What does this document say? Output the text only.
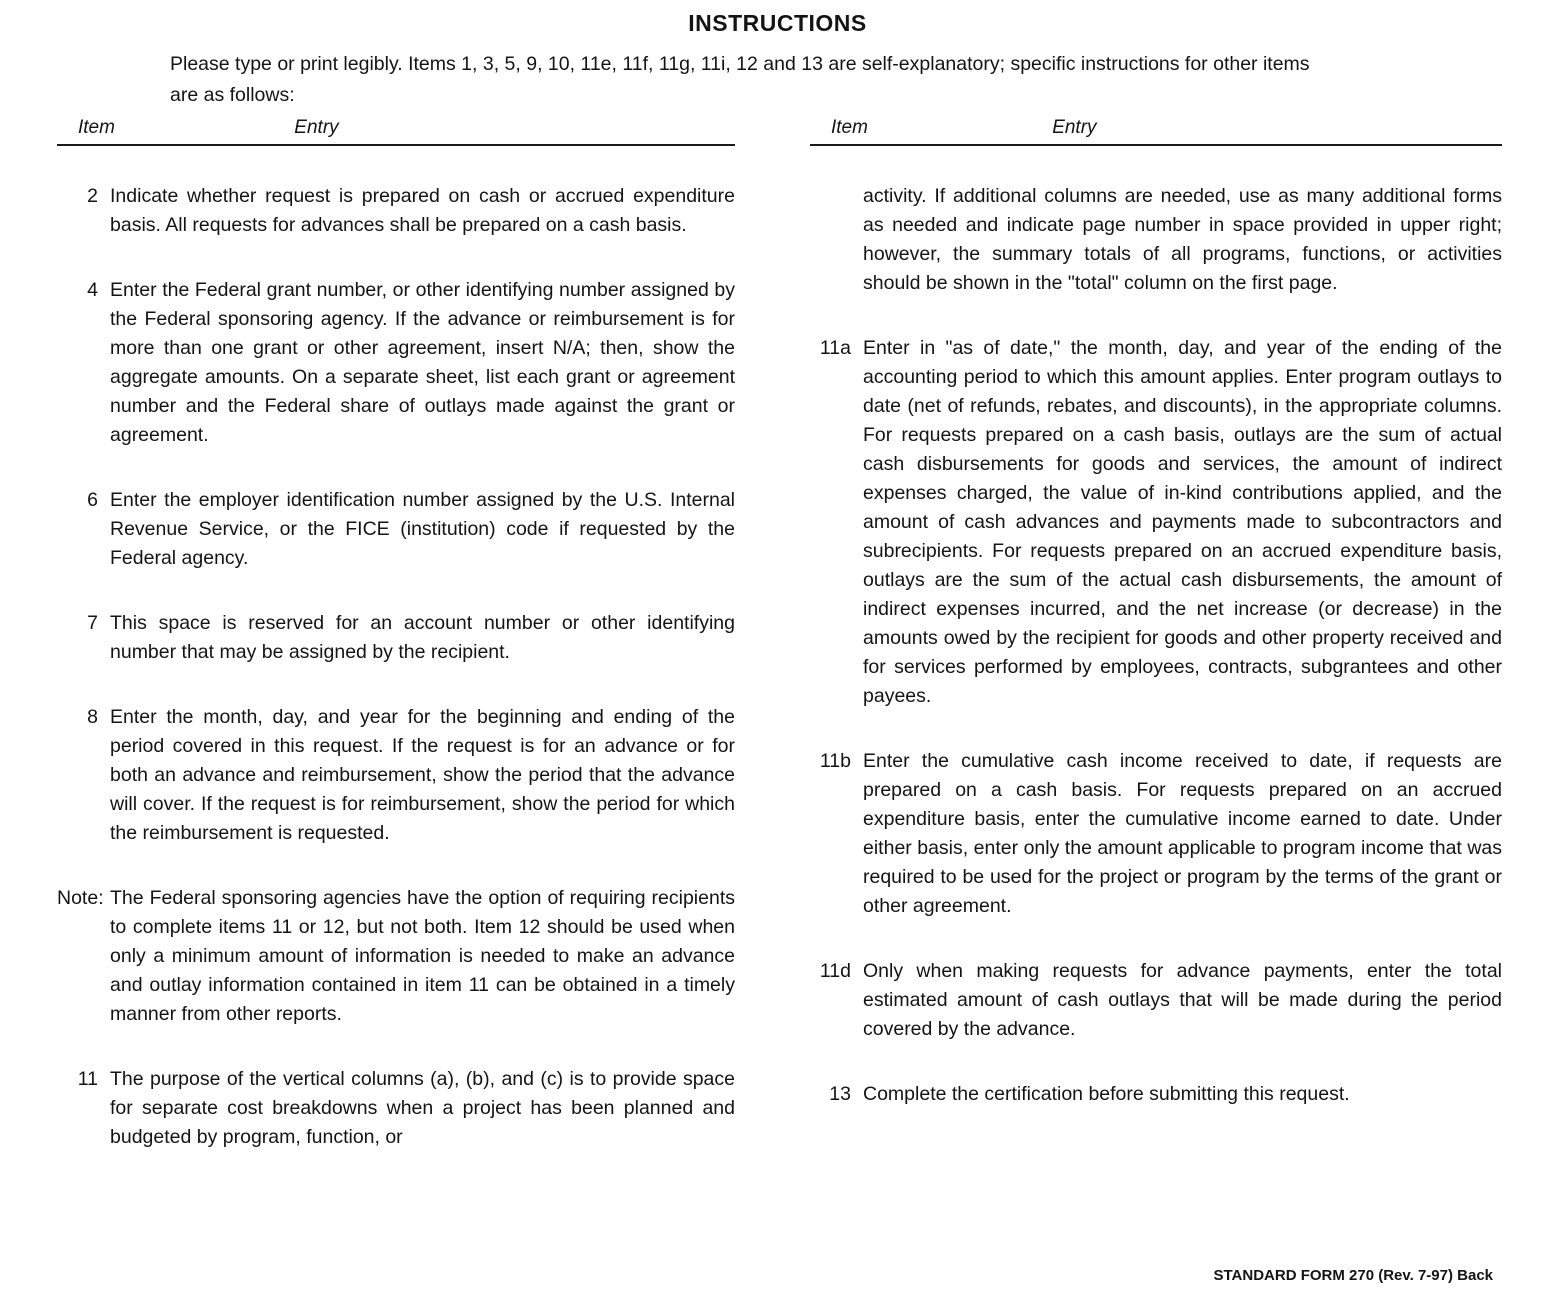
INSTRUCTIONS

Please type or print legibly. Items 1, 3, 5, 9, 10, 11e, 11f, 11g, 11i, 12 and 13 are self-explanatory; specific instructions for other items are as follows:

Item	Entry
2 Indicate whether request is prepared on cash or accrued expenditure basis. All requests for advances shall be prepared on a cash basis.
4 Enter the Federal grant number, or other identifying number assigned by the Federal sponsoring agency. If the advance or reimbursement is for more than one grant or other agreement, insert N/A; then, show the aggregate amounts. On a separate sheet, list each grant or agreement number and the Federal share of outlays made against the grant or agreement.
6 Enter the employer identification number assigned by the U.S. Internal Revenue Service, or the FICE (institution) code if requested by the Federal agency.
7 This space is reserved for an account number or other identifying number that may be assigned by the recipient.
8 Enter the month, day, and year for the beginning and ending of the period covered in this request. If the request is for an advance or for both an advance and reimbursement, show the period that the advance will cover. If the request is for reimbursement, show the period for which the reimbursement is requested.
Note: The Federal sponsoring agencies have the option of requiring recipients to complete items 11 or 12, but not both. Item 12 should be used when only a minimum amount of information is needed to make an advance and outlay information contained in item 11 can be obtained in a timely manner from other reports.
11 The purpose of the vertical columns (a), (b), and (c) is to provide space for separate cost breakdowns when a project has been planned and budgeted by program, function, or
Item	Entry
activity. If additional columns are needed, use as many additional forms as needed and indicate page number in space provided in upper right; however, the summary totals of all programs, functions, or activities should be shown in the "total" column on the first page.
11a Enter in "as of date," the month, day, and year of the ending of the accounting period to which this amount applies. Enter program outlays to date (net of refunds, rebates, and discounts), in the appropriate columns. For requests prepared on a cash basis, outlays are the sum of actual cash disbursements for goods and services, the amount of indirect expenses charged, the value of in-kind contributions applied, and the amount of cash advances and payments made to subcontractors and subrecipients. For requests prepared on an accrued expenditure basis, outlays are the sum of the actual cash disbursements, the amount of indirect expenses incurred, and the net increase (or decrease) in the amounts owed by the recipient for goods and other property received and for services performed by employees, contracts, subgrantees and other payees.
11b Enter the cumulative cash income received to date, if requests are prepared on a cash basis. For requests prepared on an accrued expenditure basis, enter the cumulative income earned to date. Under either basis, enter only the amount applicable to program income that was required to be used for the project or program by the terms of the grant or other agreement.
11d Only when making requests for advance payments, enter the total estimated amount of cash outlays that will be made during the period covered by the advance.
13 Complete the certification before submitting this request.
STANDARD FORM 270 (Rev. 7-97) Back
